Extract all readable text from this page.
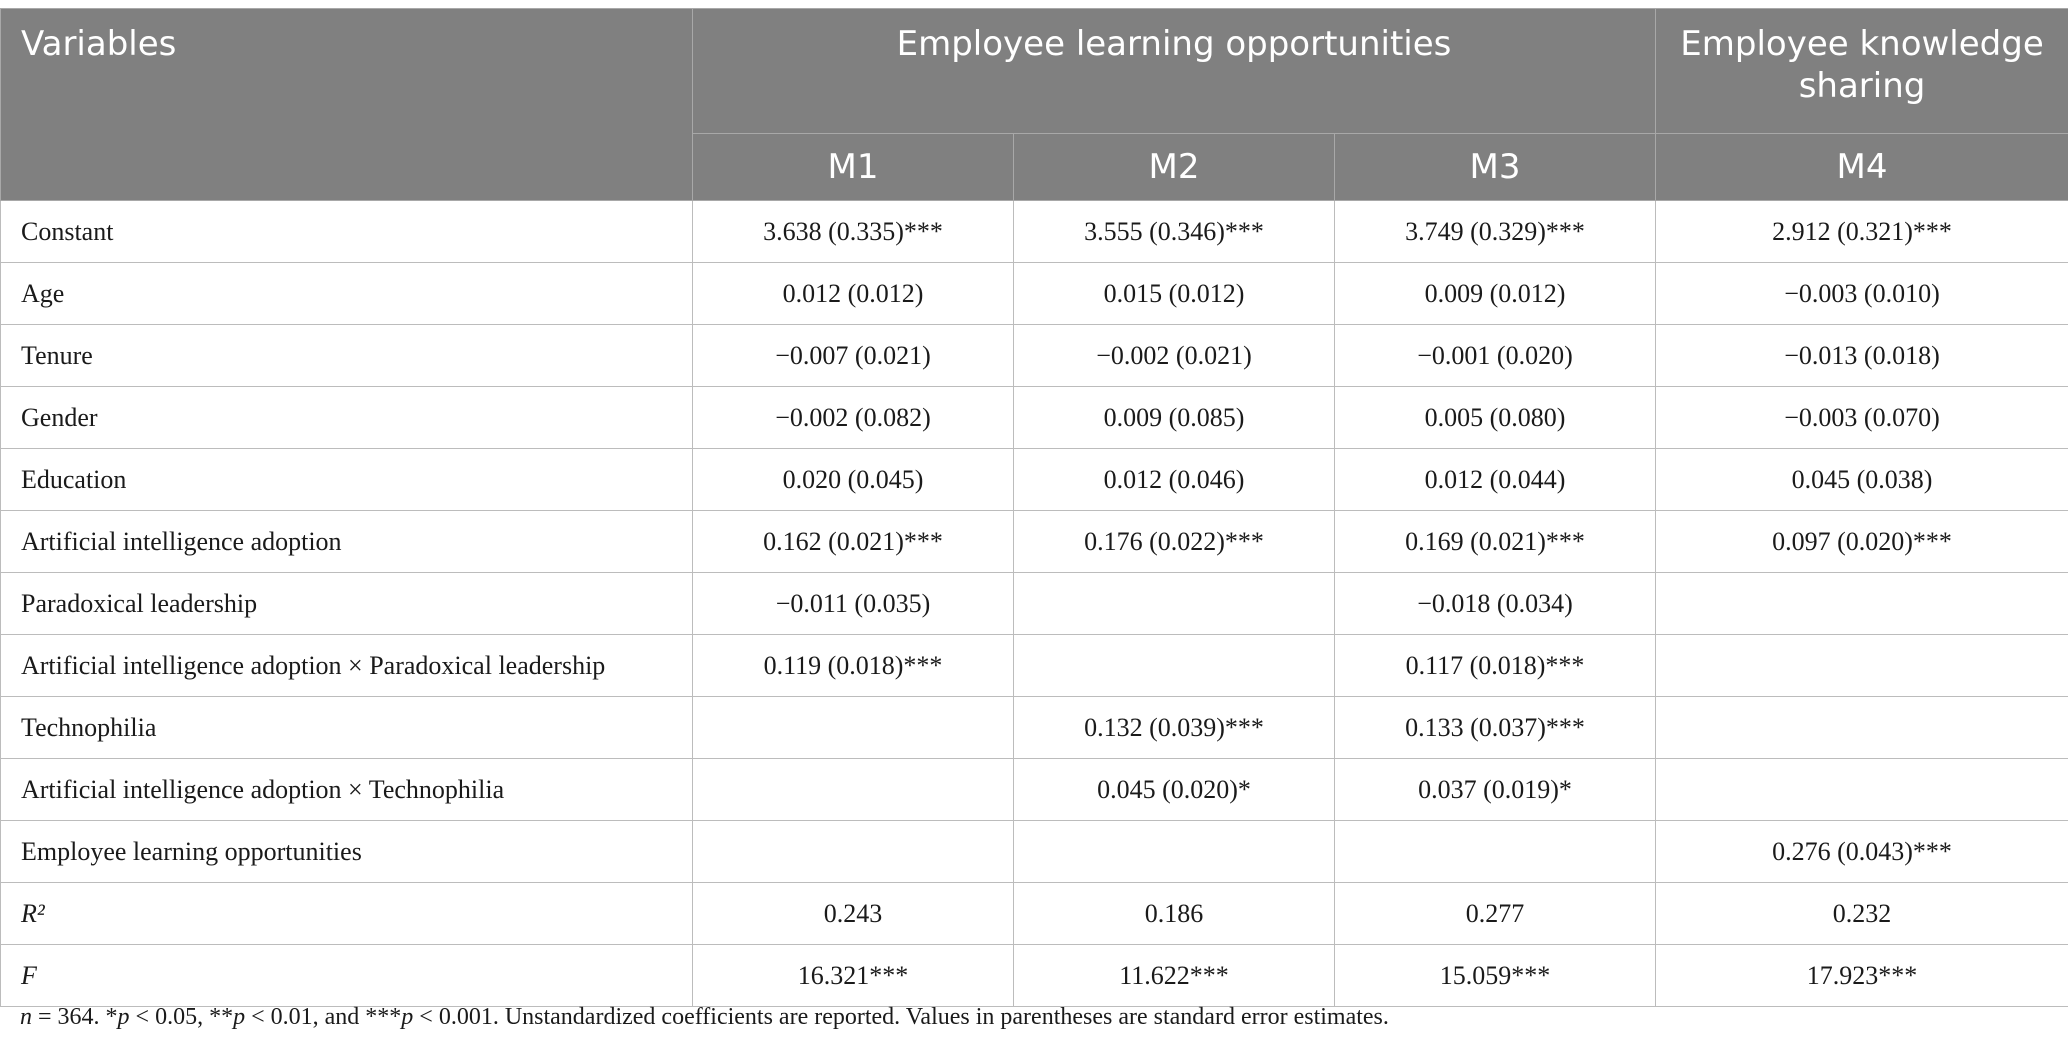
Variables	Employee learning opportunities			Employee knowledge sharing
	M1	M2	M3	M4
Constant	3.638 (0.335)***	3.555 (0.346)***	3.749 (0.329)***	2.912 (0.321)***
Age	0.012 (0.012)	0.015 (0.012)	0.009 (0.012)	−0.003 (0.010)
Tenure	−0.007 (0.021)	−0.002 (0.021)	−0.001 (0.020)	−0.013 (0.018)
Gender	−0.002 (0.082)	0.009 (0.085)	0.005 (0.080)	−0.003 (0.070)
Education	0.020 (0.045)	0.012 (0.046)	0.012 (0.044)	0.045 (0.038)
Artificial intelligence adoption	0.162 (0.021)***	0.176 (0.022)***	0.169 (0.021)***	0.097 (0.020)***
Paradoxical leadership	−0.011 (0.035)		−0.018 (0.034)	
Artificial intelligence adoption × Paradoxical leadership	0.119 (0.018)***		0.117 (0.018)***	
Technophilia		0.132 (0.039)***	0.133 (0.037)***	
Artificial intelligence adoption × Technophilia		0.045 (0.020)*	0.037 (0.019)*	
Employee learning opportunities				0.276 (0.043)***
R²	0.243	0.186	0.277	0.232
F	16.321***	11.622***	15.059***	17.923***
n = 364. *p < 0.05, **p < 0.01, and ***p < 0.001. Unstandardized coefficients are reported. Values in parentheses are standard error estimates.
